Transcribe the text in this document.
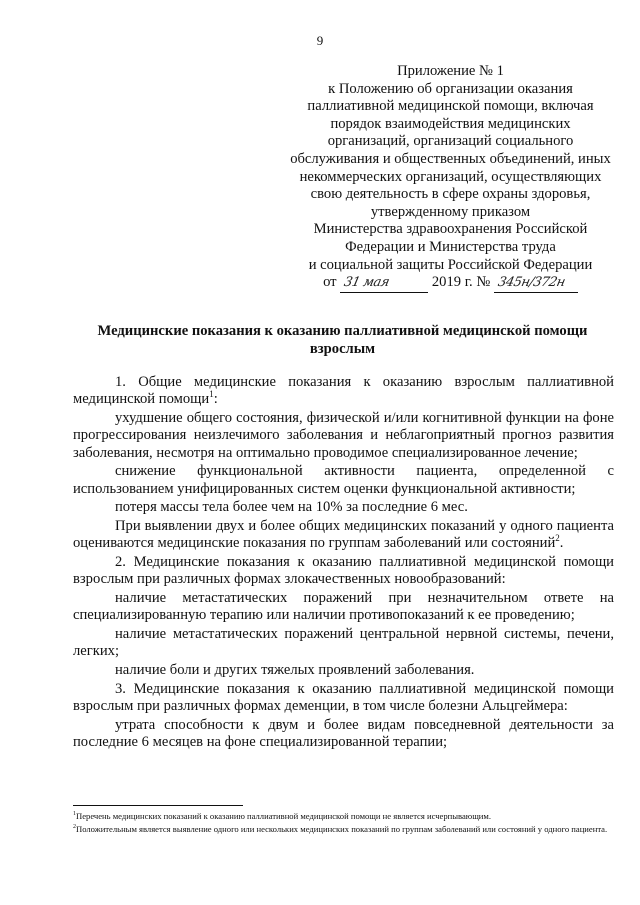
9
Приложение № 1
к Положению об организации оказания
паллиативной медицинской помощи, включая
порядок взаимодействия медицинских
организаций, организаций социального
обслуживания и общественных объединений, иных
некоммерческих организаций, осуществляющих
свою деятельность в сфере охраны здоровья,
утвержденному приказом
Министерства здравоохранения Российской
Федерации и Министерства труда
и социальной защиты Российской Федерации
от 31 мая	2019 г. № 345н/372н
Медицинские показания к оказанию паллиативной медицинской помощи взрослым

1. Общие медицинские показания к оказанию взрослым паллиативной медицинской помощи$^1$:

ухудшение общего состояния, физической и/или когнитивной функции на фоне прогрессирования неизлечимого заболевания и неблагоприятный прогноз развития заболевания, несмотря на оптимально проводимое специализированное лечение;

снижение функциональной активности пациента, определенной с использованием унифицированных систем оценки функциональной активности;

потеря массы тела более чем на 10% за последние 6 мес.

При выявлении двух и более общих медицинских показаний у одного пациента оцениваются медицинские показания по группам заболеваний или состояний$^2$.

2. Медицинские показания к оказанию паллиативной медицинской помощи взрослым при различных формах злокачественных новообразований:

наличие метастатических поражений при незначительном ответе на специализированную терапию или наличии противопоказаний к ее проведению;

наличие метастатических поражений центральной нервной системы, печени, легких;

наличие боли и других тяжелых проявлений заболевания.

3. Медицинские показания к оказанию паллиативной медицинской помощи взрослым при различных формах деменции, в том числе болезни Альцгеймера:

утрата способности к двум и более видам повседневной деятельности за последние 6 месяцев на фоне специализированной терапии;

$^1$Перечень медицинских показаний к оказанию паллиативной медицинской помощи не является исчерпывающим.

$^2$Положительным является выявление одного или нескольких медицинских показаний по группам заболеваний или состояний у одного пациента.
